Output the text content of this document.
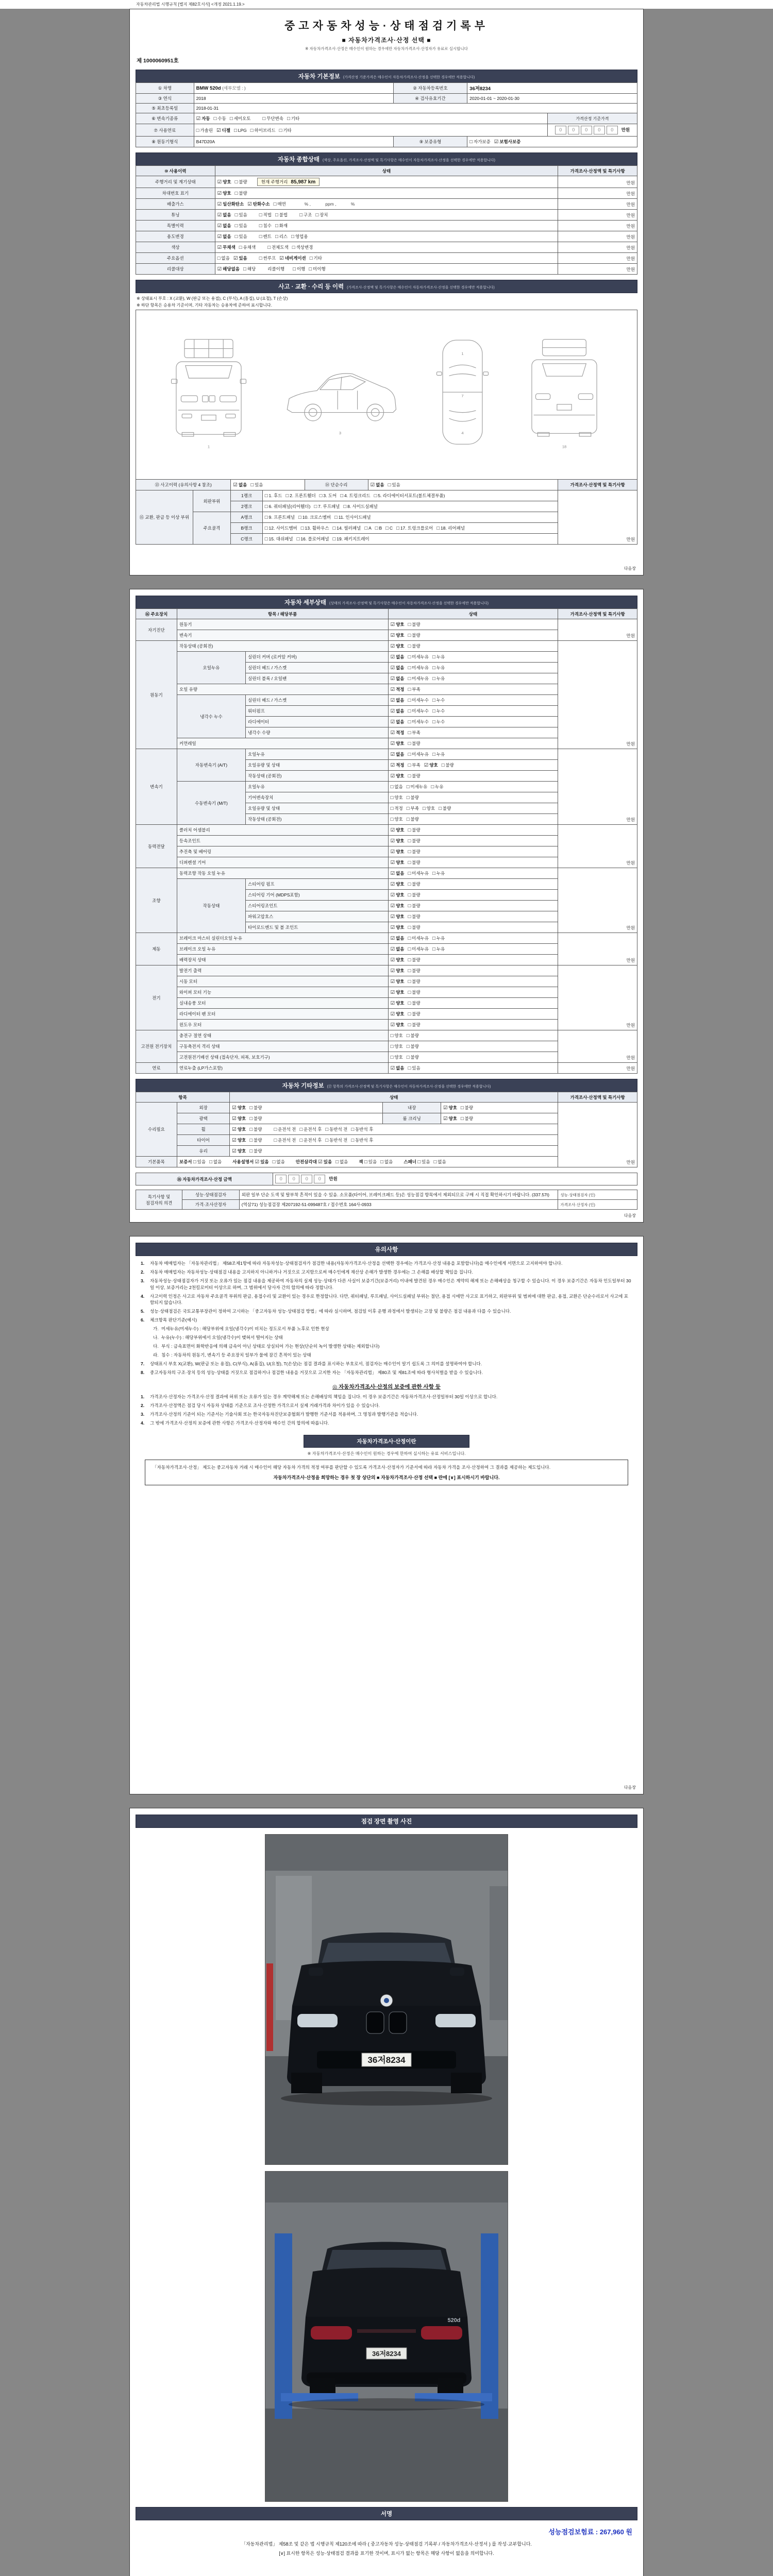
자동차관리법 시행규칙 [별지 제82호서식] <개정 2021.1.19.>
중고자동차성능·상태점검기록부
■ 자동차가격조사·산정 선택 ■
※ 자동차가격조사·산정은 매수인이 원하는 경우에만 자동차가격조사·산정자가 유료로 실시합니다
제 1000060951호
자동차 기본정보 (가격산정 기준가격은 매수인이 자동차가격조사·산정을 선택한 경우에만 적용합니다)
① 차명	BMW 520d (세부모델 : )	② 자동차등록번호	36저8234	
③ 연식	2018	④ 검사유효기간	2020-01-01 ~ 2020-01-30	
⑤ 최초등록일	2018-01-31			
⑥ 변속기종류	☑ 자동 □ 수동 □ 세미오토 □ 무단변속 □ 기타			가격산정 기준가격
⑦ 사용연료	□ 가솔린 ☑ 디젤 □ LPG □ 하이브리드 □ 기타			0 0 0 0 0 만원
⑧ 원동기형식	B47D20A	⑨ 보증유형	□ 자가보증 ☑ 보험사보증	
자동차 종합상태 (색상, 주요옵션, 가격조사·산정액 및 특기사항은 매수인이 자동차가격조사·산정을 선택한 경우에만 적용합니다)
⑩ 사용이력	상태	가격조사·산정액 및 특기사항
주행거리 및 계기상태	☑ 양호 □ 불량 현재 주행거리 85,987 km	만원
차대번호 표기	☑ 양호 □ 불량	만원
배출가스	☑ 일산화탄소 ☑ 탄화수소 □ 매연        % ,            ppm ,            %	만원
튜닝	☑ 없음 □ 있음 □ 적법 □ 불법 □ 구조 □ 장치	만원
특별이력	☑ 없음 □ 있음 □ 침수 □ 화재	만원
용도변경	☑ 없음 □ 있음 □ 렌트 □ 리스 □ 영업용	만원
색상	☑ 무채색 □ 유채색 □ 전체도색 □ 색상변경	만원
주요옵션	□ 없음 ☑ 있음 □ 썬루프 ☑ 네비게이션 □ 기타	만원
리콜대상	☑ 해당없음 □ 해당 리콜이행 □ 이행 □ 미이행	만원
사고 · 교환 · 수리 등 이력 (가격조사·산정액 및 특기사항은 매수인이 자동차가격조사·산정을 선택한 경우에만 적용합니다)
※ 상태표시 부호 : X (교환), W (판금 또는 용접), C (부식), A (흠집), U (요철), T (손상)
※ 하단 항목은 승용차 기준이며, 기타 자동차는 승용차에 준하여 표시합니다.
1
3
1
7
4
18
⑬ 사고이력 (유의사항 4 참조)	☑ 없음 □ 있음	⑭ 단순수리	☑ 없음 □ 있음	가격조사·산정액 및 특기사항
⑮ 교환, 판금 등 이상 부위	외판부위	1랭크	□ 1. 후드 □ 2. 프론트휀더 □ 3. 도어 □ 4. 트렁크리드 □ 5. 라디에이터서포트(볼트체결부품)	만원
		2랭크	□ 6. 쿼터패널(리어휀더) □ 7. 루프패널 □ 8. 사이드실패널	
	주요골격	A랭크	□ 9. 프론트패널 □ 10. 크로스멤버 □ 11. 인사이드패널	
		B랭크	□ 12. 사이드멤버 □ 13. 휠하우스 □ 14. 필러패널 □ A □ B □ C □ 17. 트렁크플로어 □ 18. 리어패널	
		C랭크	□ 15. 대쉬패널 □ 16. 플로어패널 □ 19. 패키지트레이	
다음장
자동차 세부상태 (상태의 가격조사·산정액 및 특기사항은 매수인이 자동차가격조사·산정을 선택한 경우에만 적용합니다)
⑯ 주요장치	항목 / 해당부품		상태	가격조사·산정액 및 특기사항
자기진단	원동기		☑ 양호 □ 불량	만원
	변속기		☑ 양호 □ 불량	
원동기	작동상태 (공회전)		☑ 양호 □ 불량	만원
	오일누유	실린더 커버 (로커암 커버)	☑ 없음 □ 미세누유 □ 누유	
		실린더 헤드 / 가스켓	☑ 없음 □ 미세누유 □ 누유	
		실린더 블록 / 오일팬	☑ 없음 □ 미세누유 □ 누유	
	오일 유량		☑ 적정 □ 부족	
	냉각수 누수	실린더 헤드 / 가스켓	☑ 없음 □ 미세누수 □ 누수	
		워터펌프	☑ 없음 □ 미세누수 □ 누수	
		라디에이터	☑ 없음 □ 미세누수 □ 누수	
		냉각수 수량	☑ 적정 □ 부족	
	커먼레일		☑ 양호 □ 불량	
변속기	자동변속기 (A/T)	오일누유	☑ 없음 □ 미세누유 □ 누유	만원
		오일유량 및 상태	☑ 적정 □ 부족 ☑ 양호 □ 불량	
		작동상태 (공회전)	☑ 양호 □ 불량	
	수동변속기 (M/T)	오일누유	□ 없음 □ 미세누유 □ 누유	
		기어변속장치	□ 양호 □ 불량	
		오일유량 및 상태	□ 적정 □ 부족 □ 양호 □ 불량	
		작동상태 (공회전)	□ 양호 □ 불량	
동력전달	클러치 어셈블리		☑ 양호 □ 불량	만원
	등속조인트		☑ 양호 □ 불량	
	추진축 및 베어링		☑ 양호 □ 불량	
	디퍼렌셜 기어		☑ 양호 □ 불량	
조향	동력조향 작동 오일 누유		☑ 없음 □ 미세누유 □ 누유	만원
	작동상태	스티어링 펌프	☑ 양호 □ 불량	
		스티어링 기어 (MDPS포함)	☑ 양호 □ 불량	
		스티어링조인트	☑ 양호 □ 불량	
		파워고압호스	☑ 양호 □ 불량	
		타이로드엔드 및 볼 조인트	☑ 양호 □ 불량	
제동	브레이크 마스터 실린더오일 누유		☑ 없음 □ 미세누유 □ 누유	만원
	브레이크 오일 누유		☑ 없음 □ 미세누유 □ 누유	
	배력장치 상태		☑ 양호 □ 불량	
전기	발전기 출력		☑ 양호 □ 불량	만원
	시동 모터		☑ 양호 □ 불량	
	와이퍼 모터 기능		☑ 양호 □ 불량	
	실내송풍 모터		☑ 양호 □ 불량	
	라디에이터 팬 모터		☑ 양호 □ 불량	
	윈도우 모터		☑ 양호 □ 불량	
고전원 전기장치	충전구 절연 상태		□ 양호 □ 불량	만원
	구동축전지 격리 상태		□ 양호 □ 불량	
	고전원전기배선 상태 (접속단자, 피복, 보호기구)		□ 양호 □ 불량	
연료	연료누출 (LP가스포함)		☑ 없음 □ 있음	만원
자동차 기타정보 (⑰ 항목의 가격조사·산정액 및 특기사항은 매수인이 자동차가격조사·산정을 선택한 경우에만 적용합니다)
항목		상태			가격조사·산정액 및 특기사항
수리필요	외장	☑ 양호 □ 불량	내장	☑ 양호 □ 불량	만원
	광택	☑ 양호 □ 불량	룸 크리닝	☑ 양호 □ 불량	
	휠	☑ 양호 □ 불량 □ 운전석 전 □ 운전석 후 □ 동반석 전 □ 동반석 후			
	타이어	☑ 양호 □ 불량 □ 운전석 전 □ 운전석 후 □ 동반석 전 □ 동반석 후			
	유리	☑ 양호 □ 불량			
기본품목	보증서 □ 있음 □ 없음 사용설명서 ☑ 있음 □ 없음 안전삼각대 ☑ 있음 □ 없음 잭 □ 있음 □ 없음 스패너 □ 있음 □ 없음				
⑱ 자동차가격조사·산정 금액	0 0 0 0 만원
특기사항 및
점검자의 의견	성능·상태점검자	외판 일부 단순 도색 및 탈부착 흔적이 있을 수 있음. 소모품(타이어, 브레이크패드 등)은 성능점검 항목에서 제외되므로 구매 시 직접 확인하시기 바랍니다. (337.57t)	성능·상태점검자 (인)

	가격·조사산정자	(역삼71) 성능점검장 제207192-51-099487호 / 접수번호 164사-0933	가격조사·산정자 (인)
다음장
유의사항
1.	자동차 매매업자는 「자동차관리법」 제58조제1항에 따라 자동차성능·상태점검자가 점검한 내용(자동차가격조사·산정을 선택한 경우에는 가격조사·산정 내용을 포함합니다)을 매수인에게 서면으로 고지하여야 합니다.
2.	자동차 매매업자는 자동차성능·상태점검 내용을 고지하지 아니하거나 거짓으로 고지함으로써 매수인에게 재산상 손해가 발생한 경우에는 그 손해를 배상할 책임을 집니다.
3.	자동차성능·상태점검자가 거짓 또는 오류가 있는 점검 내용을 제공하여 자동차의 실제 성능·상태가 다른 사실이 보증기간(보증거리) 이내에 발견된 경우 매수인은 계약의 해제 또는 손해배상을 청구할 수 있습니다. 이 경우 보증기간은 자동차 인도일부터 30일 이상, 보증거리는 2천킬로미터 이상으로 하며, 그 범위에서 당사자 간의 합의에 따라 정합니다.
4.	사고이력 인정은 사고로 자동차 주요골격 부위의 판금, 용접수리 및 교환이 있는 경우로 한정합니다. 다만, 쿼터패널, 루프패널, 사이드실패널 부위는 절단, 용접 시에만 사고로 표기하고, 외판부위 및 범퍼에 대한 판금, 용접, 교환은 단순수리로서 사고에 포함되지 않습니다.
5.	성능·상태점검은 국토교통부장관이 정하여 고시하는 「중고자동차 성능·상태점검 방법」에 따라 실시하며, 점검일 이후 운행 과정에서 발생되는 고장 및 불량은 점검 내용과 다를 수 있습니다.
6.	체크항목 판단기준(예시)
가. 미세누유(미세누수) : 해당부위에 오일(냉각수)이 비치는 정도로서 부품 노후로 인한 현상
나. 누유(누수) : 해당부위에서 오일(냉각수)이 맺혀서 떨어지는 상태
다. 부식 : 금속표면이 화학반응에 의해 금속이 아닌 상태로 상실되어 가는 현상(단순히 녹이 발생한 상태는 제외합니다)
라. 침수 : 자동차의 원동기, 변속기 등 주요장치 일부가 물에 잠긴 흔적이 있는 상태
7.	상태표시 부호 X(교환), W(판금 또는 용접), C(부식), A(흠집), U(요철), T(손상)는 점검 결과를 표시하는 부호로서, 점검자는 매수인이 알기 쉽도록 그 의미를 설명하여야 합니다.
8.	중고자동차의 구조·장치 등의 성능·상태를 거짓으로 점검하거나 점검한 내용을 거짓으로 고지한 자는 「자동차관리법」 제80조 및 제81조에 따라 형사처벌을 받을 수 있습니다.
◎ 자동차가격조사·산정의 보증에 관한 사항 등
1.	가격조사·산정자는 가격조사·산정 결과에 허위 또는 오류가 있는 경우 계약해제 또는 손해배상의 책임을 집니다. 이 경우 보증기간은 자동차가격조사·산정일부터 30일 이상으로 합니다.
2.	가격조사·산정액은 점검 당시 자동차 상태를 기준으로 조사·산정한 가격으로서 실제 거래가격과 차이가 있을 수 있습니다.
3.	가격조사·산정의 기준이 되는 기준서는 기술사회 또는 한국자동차진단보증협회가 발행한 기준서를 적용하며, 그 명칭과 발행기관을 적습니다.
4.	그 밖에 가격조사·산정의 보증에 관한 사항은 가격조사·산정자와 매수인 간의 합의에 따릅니다.
자동차가격조사·산정이란
※ 자동차가격조사·산정은 매수인이 원하는 경우에 한하여 실시하는 유료 서비스입니다.
「자동차가격조사·산정」 제도는 중고자동차 거래 시 매수인이 해당 자동차 가격의 적정 여부를 판단할 수 있도록 가격조사·산정자가 기준서에 따라 자동차 가격을 조사·산정하여 그 결과를 제공하는 제도입니다.
자동차가격조사·산정을 희망하는 경우 첫 장 상단의 ■ 자동차가격조사·산정 선택 ■ 란에 [∨] 표시하시기 바랍니다.
다음장
점검 장면 촬영 사진
36저8234
520d
36저8234
서명
성능점검보험료 : 267,960 원
「자동차관리법」 제58조 및 같은 법 시행규칙 제120조에 따라 ( 중고자동차 성능·상태점검 기록부 / 자동차가격조사·산정서 ) 를 작성·교부합니다.
[∨] 표시한 항목은 성능·상태점검 결과를 표기한 것이며, 표시가 없는 항목은 해당 사항이 없음을 의미합니다.
